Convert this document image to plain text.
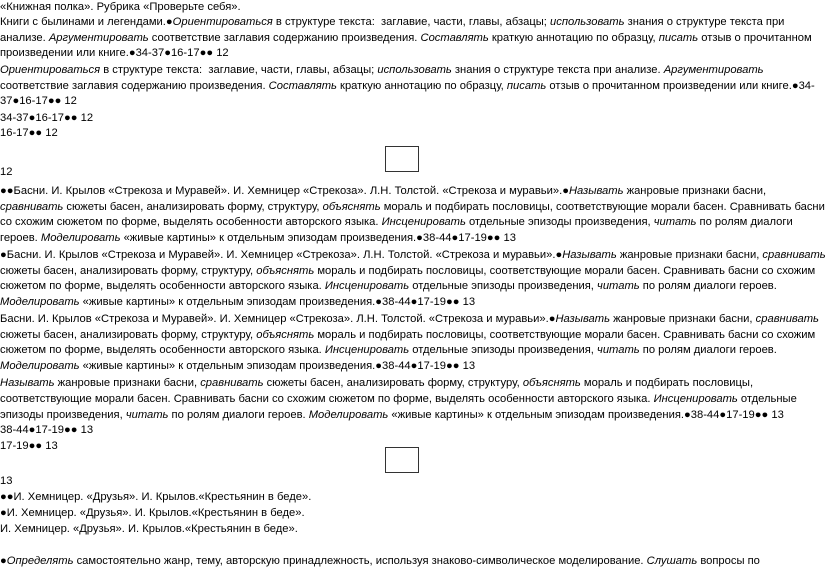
«Книжная полка». Рубрика «Проверьте себя».
Книги с былинами и легендами.●Ориентироваться в структуре текста:  заглавие, части, главы, абзацы; использовать знания о структуре текста при
анализе. Аргументировать соответствие заглавия содержанию произведения. Составлять краткую аннотацию по образцу, писать отзыв о прочитанном
произведении или книге.●34-37●16-17●● 12
Ориентироваться в структуре текста:  заглавие, части, главы, абзацы; использовать знания о структуре текста при анализе. Аргументировать
соответствие заглавия содержанию произведения. Составлять краткую аннотацию по образцу, писать отзыв о прочитанном произведении или книге.●34-
37●16-17●● 12
34-37●16-17●● 12
16-17●● 12
12
●●Басни. И. Крылов «Стрекоза и Муравей». И. Хемницер «Стрекоза». Л.Н. Толстой. «Стрекоза и муравьи».●Называть жанровые признаки басни,
сравнивать сюжеты басен, анализировать форму, структуру, объяснять мораль и подбирать пословицы, соответствующие морали басен. Сравнивать басни
со схожим сюжетом по форме, выделять особенности авторского языка. Инсценировать отдельные эпизоды произведения, читать по ролям диалоги
героев. Моделировать «живые картины» к отдельным эпизодам произведения.●38-44●17-19●● 13
●Басни. И. Крылов «Стрекоза и Муравей». И. Хемницер «Стрекоза». Л.Н. Толстой. «Стрекоза и муравьи».●Называть жанровые признаки басни, сравнивать
сюжеты басен, анализировать форму, структуру, объяснять мораль и подбирать пословицы, соответствующие морали басен. Сравнивать басни со схожим
сюжетом по форме, выделять особенности авторского языка. Инсценировать отдельные эпизоды произведения, читать по ролям диалоги героев.
Моделировать «живые картины» к отдельным эпизодам произведения.●38-44●17-19●● 13
Басни. И. Крылов «Стрекоза и Муравей». И. Хемницер «Стрекоза». Л.Н. Толстой. «Стрекоза и муравьи».●Называть жанровые признаки басни, сравнивать
сюжеты басен, анализировать форму, структуру, объяснять мораль и подбирать пословицы, соответствующие морали басен. Сравнивать басни со схожим
сюжетом по форме, выделять особенности авторского языка. Инсценировать отдельные эпизоды произведения, читать по ролям диалоги героев.
Моделировать «живые картины» к отдельным эпизодам произведения.●38-44●17-19●● 13
Называть жанровые признаки басни, сравнивать сюжеты басен, анализировать форму, структуру, объяснять мораль и подбирать пословицы,
соответствующие морали басен. Сравнивать басни со схожим сюжетом по форме, выделять особенности авторского языка. Инсценировать отдельные
эпизоды произведения, читать по ролям диалоги героев. Моделировать «живые картины» к отдельным эпизодам произведения.●38-44●17-19●● 13
38-44●17-19●● 13
17-19●● 13
13
●●И. Хемницер. «Друзья». И. Крылов.«Крестьянин в беде».
●И. Хемницер. «Друзья». И. Крылов.«Крестьянин в беде».
И. Хемницер. «Друзья». И. Крылов.«Крестьянин в беде».
●Определять самостоятельно жанр, тему, авторскую принадлежность, используя знаково-символическое моделирование. Слушать вопросы по
